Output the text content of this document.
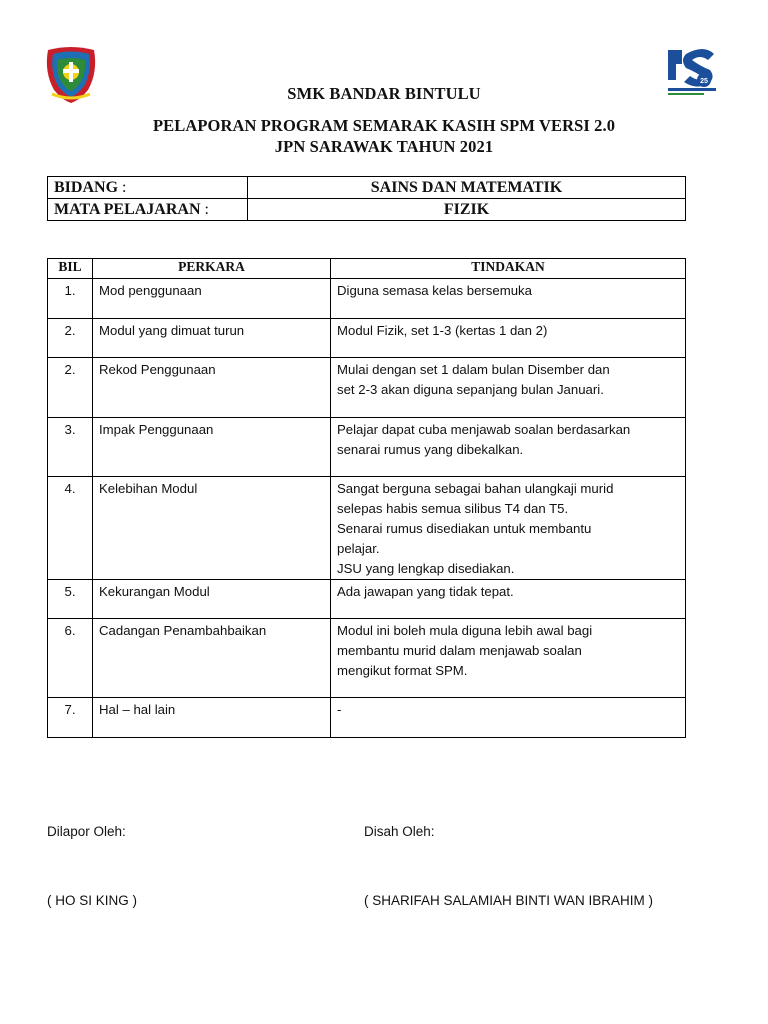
25
SMK BANDAR BINTULU
PELAPORAN PROGRAM SEMARAK KASIH SPM VERSI 2.0
JPN SARAWAK TAHUN 2021
BIDANG :	SAINS DAN MATEMATIK
MATA PELAJARAN :	FIZIK
BIL	PERKARA	TINDAKAN
1.	Mod penggunaan	Diguna semasa kelas bersemuka

2.	Modul yang dimuat turun	Modul Fizik, set 1-3 (kertas 1 dan 2)

2.	Rekod Penggunaan	Mulai dengan set 1 dalam bulan Disember dan
set 2-3 akan diguna sepanjang bulan Januari.

3.	Impak Penggunaan	Pelajar dapat cuba menjawab soalan berdasarkan
senarai rumus yang dibekalkan.

4.	Kelebihan Modul	Sangat berguna sebagai bahan ulangkaji murid
selepas habis semua silibus T4 dan T5.
Senarai rumus disediakan untuk membantu
pelajar.
JSU yang lengkap disediakan.

5.	Kekurangan Modul	Ada jawapan yang tidak tepat.

6.	Cadangan Penambahbaikan	Modul ini boleh mula diguna lebih awal bagi
membantu murid dalam menjawab soalan
mengikut format SPM.

7.	Hal – hal lain	-
Dilapor Oleh:	Disah Oleh:
( HO SI KING )	( SHARIFAH SALAMIAH BINTI WAN IBRAHIM )
